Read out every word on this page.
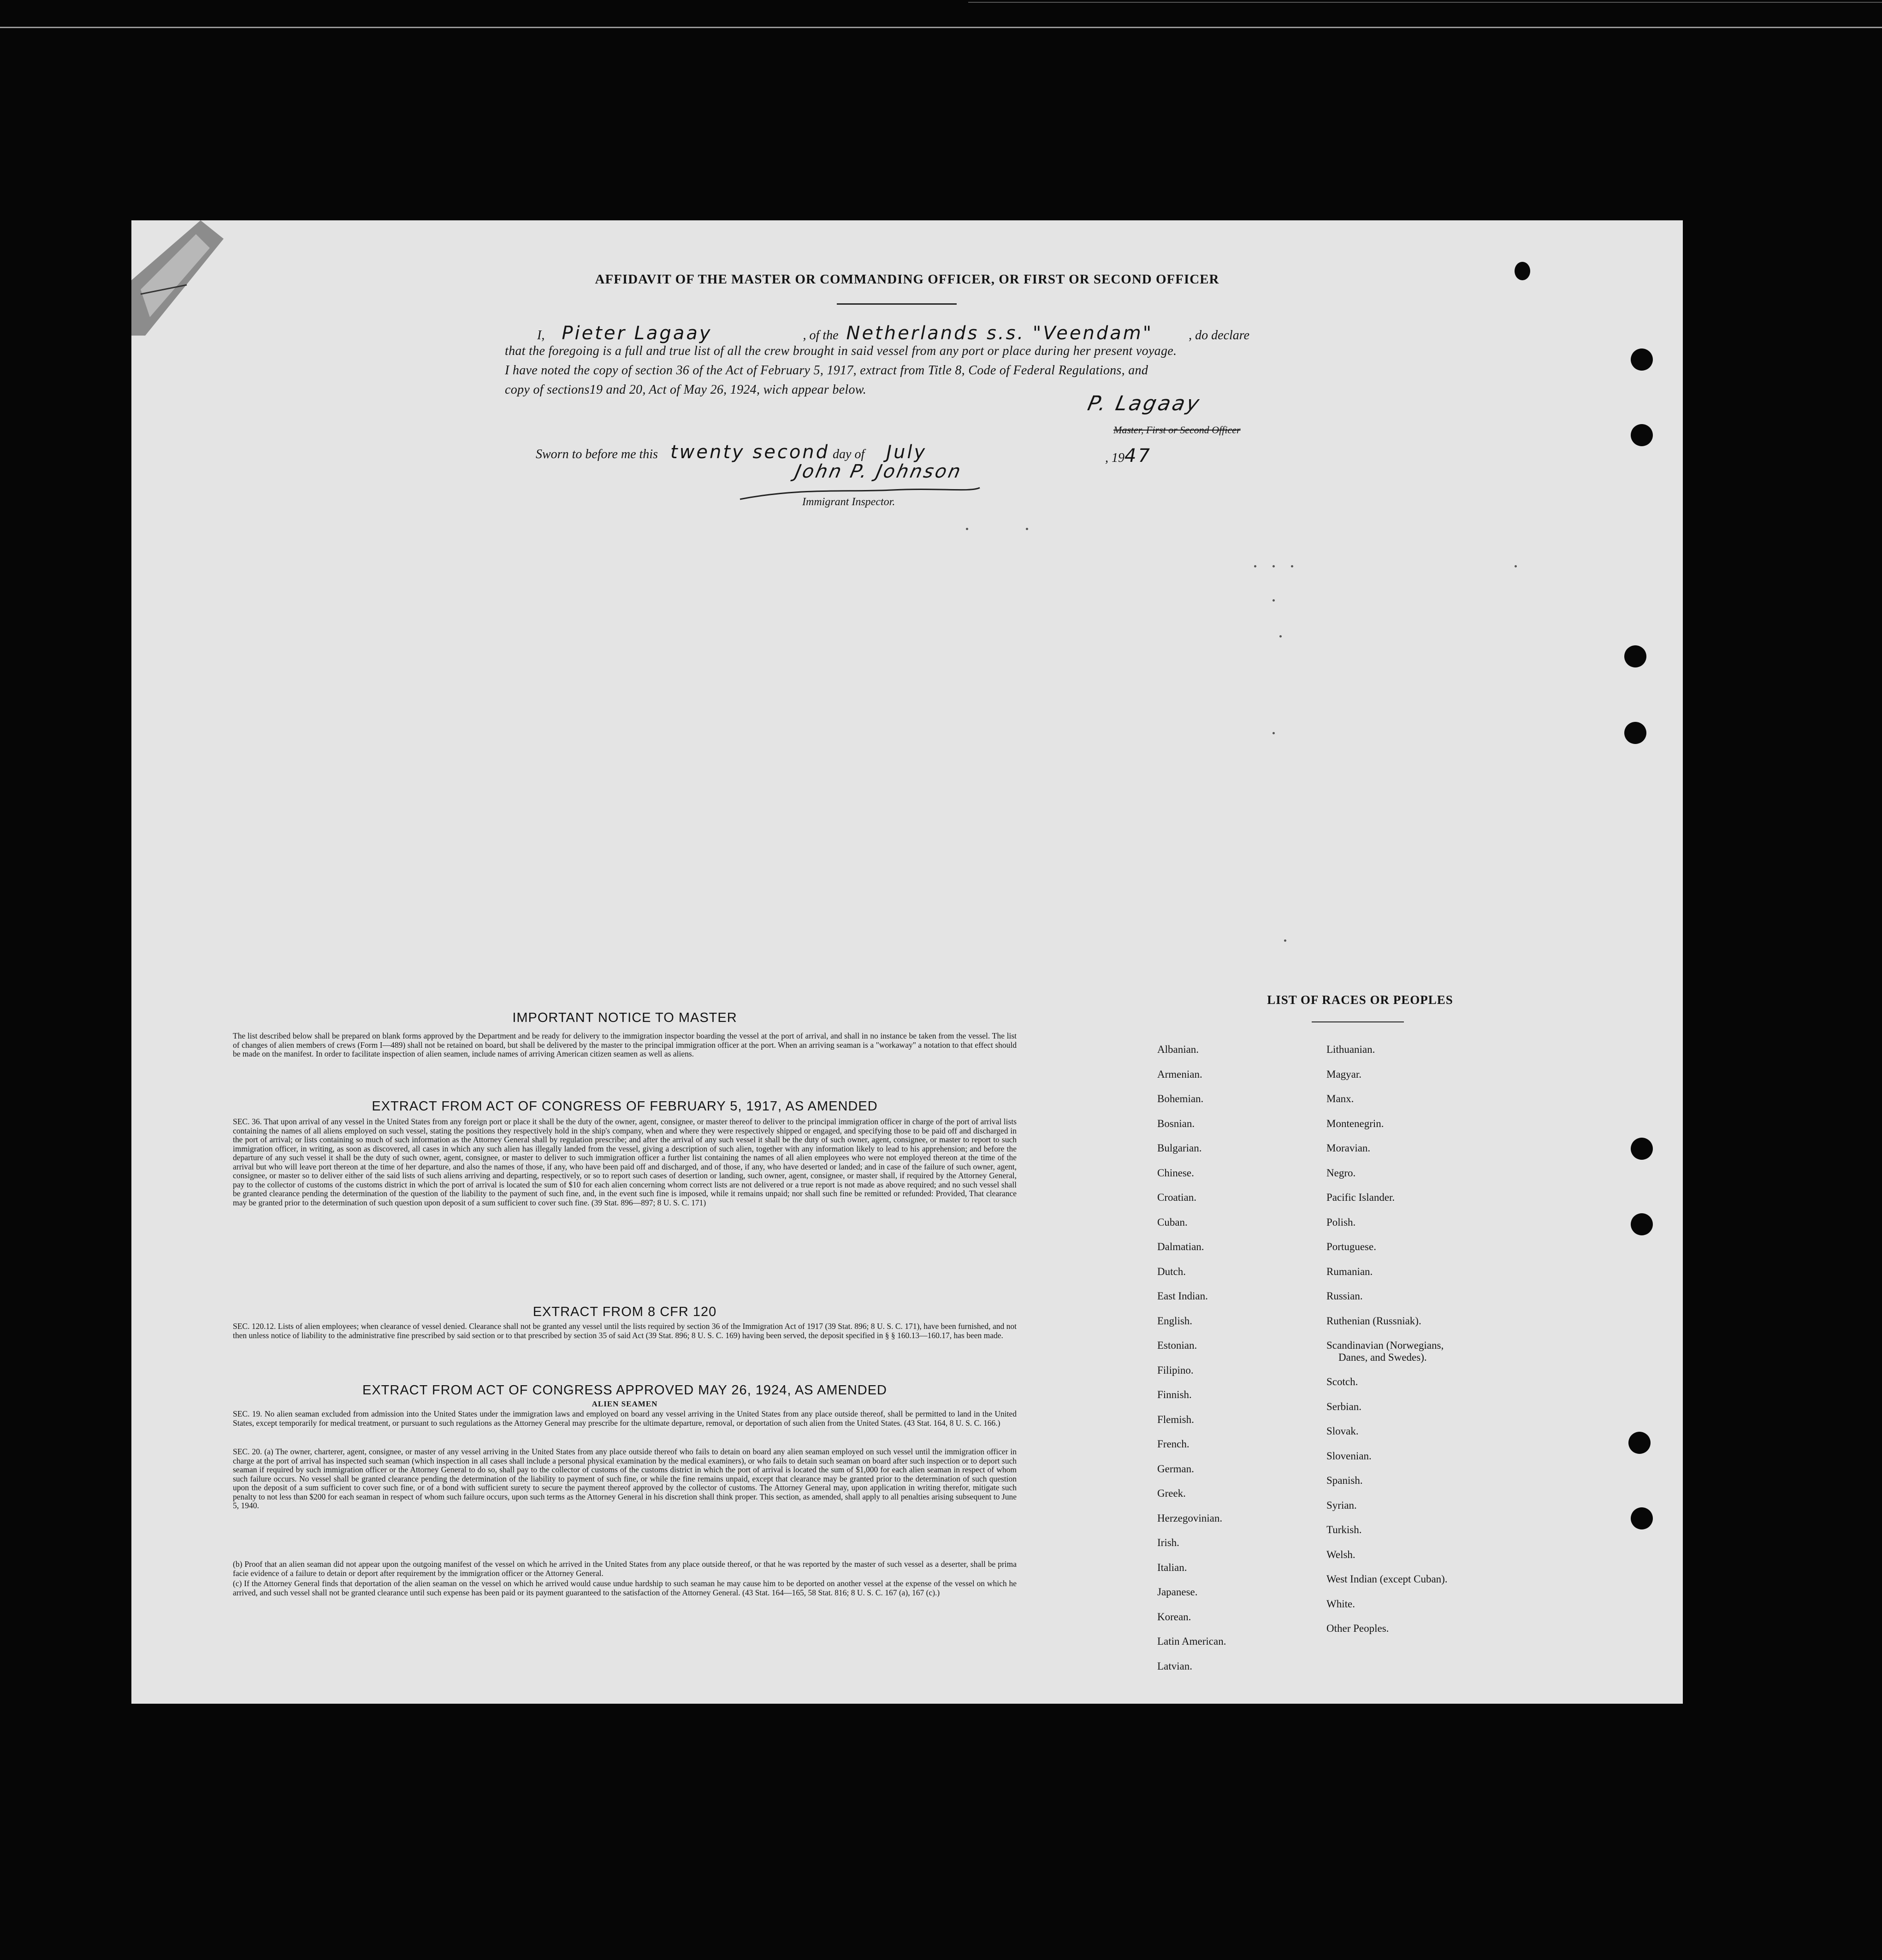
AFFIDAVIT OF THE MASTER OR COMMANDING OFFICER, OR FIRST OR SECOND OFFICER
I, Pieter Lagaay	, of the Netherlands s.s. "Veendam"	, do declare
that the foregoing is a full and true list of all the crew brought in said vessel from any port or place during her present voyage.
I have noted the copy of section 36 of the Act of February 5, 1917, extract from Title 8, Code of Federal Regulations, and
copy of sections19 and 20, Act of May 26, 1924, wich appear below.
P. Lagaay
Master, First or Second Officer
Sworn to before me this twenty second day of July	, 1947
John P. Johnson
Immigrant Inspector.
IMPORTANT NOTICE TO MASTER
The list described below shall be prepared on blank forms approved by the Department and be ready for delivery to the immigration inspector boarding the vessel at the port of arrival, and shall in no instance be taken from the vessel. The list of changes of alien members of crews (Form I—489) shall not be retained on board, but shall be delivered by the master to the principal immigration officer at the port. When an arriving seaman is a "workaway" a notation to that effect should be made on the manifest. In order to facilitate inspection of alien seamen, include names of arriving American citizen seamen as well as aliens.
EXTRACT FROM ACT OF CONGRESS OF FEBRUARY 5, 1917, AS AMENDED
SEC. 36. That upon arrival of any vessel in the United States from any foreign port or place it shall be the duty of the owner, agent, consignee, or master thereof to deliver to the principal immigration officer in charge of the port of arrival lists containing the names of all aliens employed on such vessel, stating the positions they respectively hold in the ship's company, when and where they were respectively shipped or engaged, and specifying those to be paid off and discharged in the port of arrival; or lists containing so much of such information as the Attorney General shall by regulation prescribe; and after the arrival of any such vessel it shall be the duty of such owner, agent, consignee, or master to report to such immigration officer, in writing, as soon as discovered, all cases in which any such alien has illegally landed from the vessel, giving a description of such alien, together with any information likely to lead to his apprehension; and before the departure of any such vessel it shall be the duty of such owner, agent, consignee, or master to deliver to such immigration officer a further list containing the names of all alien employees who were not employed thereon at the time of the arrival but who will leave port thereon at the time of her departure, and also the names of those, if any, who have been paid off and discharged, and of those, if any, who have deserted or landed; and in case of the failure of such owner, agent, consignee, or master so to deliver either of the said lists of such aliens arriving and departing, respectively, or so to report such cases of desertion or landing, such owner, agent, consignee, or master shall, if required by the Attorney General, pay to the collector of customs of the customs district in which the port of arrival is located the sum of $10 for each alien concerning whom correct lists are not delivered or a true report is not made as above required; and no such vessel shall be granted clearance pending the determination of the question of the liability to the payment of such fine, and, in the event such fine is imposed, while it remains unpaid; nor shall such fine be remitted or refunded: Provided, That clearance may be granted prior to the determination of such question upon deposit of a sum sufficient to cover such fine. (39 Stat. 896—897; 8 U. S. C. 171)
EXTRACT FROM 8 CFR 120
SEC. 120.12. Lists of alien employees; when clearance of vessel denied. Clearance shall not be granted any vessel until the lists required by section 36 of the Immigration Act of 1917 (39 Stat. 896; 8 U. S. C. 171), have been furnished, and not then unless notice of liability to the administrative fine prescribed by said section or to that prescribed by section 35 of said Act (39 Stat. 896; 8 U. S. C. 169) having been served, the deposit specified in § § 160.13—160.17, has been made.
EXTRACT FROM ACT OF CONGRESS APPROVED MAY 26, 1924, AS AMENDED
ALIEN SEAMEN
SEC. 19. No alien seaman excluded from admission into the United States under the immigration laws and employed on board any vessel arriving in the United States from any place outside thereof, shall be permitted to land in the United States, except temporarily for medical treatment, or pursuant to such regulations as the Attorney General may prescribe for the ultimate departure, removal, or deportation of such alien from the United States. (43 Stat. 164, 8 U. S. C. 166.)
SEC. 20. (a) The owner, charterer, agent, consignee, or master of any vessel arriving in the United States from any place outside thereof who fails to detain on board any alien seaman employed on such vessel until the immigration officer in charge at the port of arrival has inspected such seaman (which inspection in all cases shall include a personal physical examination by the medical examiners), or who fails to detain such seaman on board after such inspection or to deport such seaman if required by such immigration officer or the Attorney General to do so, shall pay to the collector of customs of the customs district in which the port of arrival is located the sum of $1,000 for each alien seaman in respect of whom such failure occurs. No vessel shall be granted clearance pending the determination of the liability to payment of such fine, or while the fine remains unpaid, except that clearance may be granted prior to the determination of such question upon the deposit of a sum sufficient to cover such fine, or of a bond with sufficient surety to secure the payment thereof approved by the collector of customs. The Attorney General may, upon application in writing therefor, mitigate such penalty to not less than $200 for each seaman in respect of whom such failure occurs, upon such terms as the Attorney General in his discretion shall think proper. This section, as amended, shall apply to all penalties arising subsequent to June 5, 1940.
(b) Proof that an alien seaman did not appear upon the outgoing manifest of the vessel on which he arrived in the United States from any place outside thereof, or that he was reported by the master of such vessel as a deserter, shall be prima facie evidence of a failure to detain or deport after requirement by the immigration officer or the Attorney General.
(c) If the Attorney General finds that deportation of the alien seaman on the vessel on which he arrived would cause undue hardship to such seaman he may cause him to be deported on another vessel at the expense of the vessel on which he arrived, and such vessel shall not be granted clearance until such expense has been paid or its payment guaranteed to the satisfaction of the Attorney General. (43 Stat. 164—165, 58 Stat. 816; 8 U. S. C. 167 (a), 167 (c).)
LIST OF RACES OR PEOPLES
Albanian.
Armenian.
Bohemian.
Bosnian.
Bulgarian.
Chinese.
Croatian.
Cuban.
Dalmatian.
Dutch.
East Indian.
English.
Estonian.
Filipino.
Finnish.
Flemish.
French.
German.
Greek.
Herzegovinian.
Irish.
Italian.
Japanese.
Korean.
Latin American.
Latvian.
Lithuanian.
Magyar.
Manx.
Montenegrin.
Moravian.
Negro.
Pacific Islander.
Polish.
Portuguese.
Rumanian.
Russian.
Ruthenian (Russniak).
Scandinavian (Norwegians,
Danes, and Swedes).
Scotch.
Serbian.
Slovak.
Slovenian.
Spanish.
Syrian.
Turkish.
Welsh.
West Indian (except Cuban).
White.
Other Peoples.
